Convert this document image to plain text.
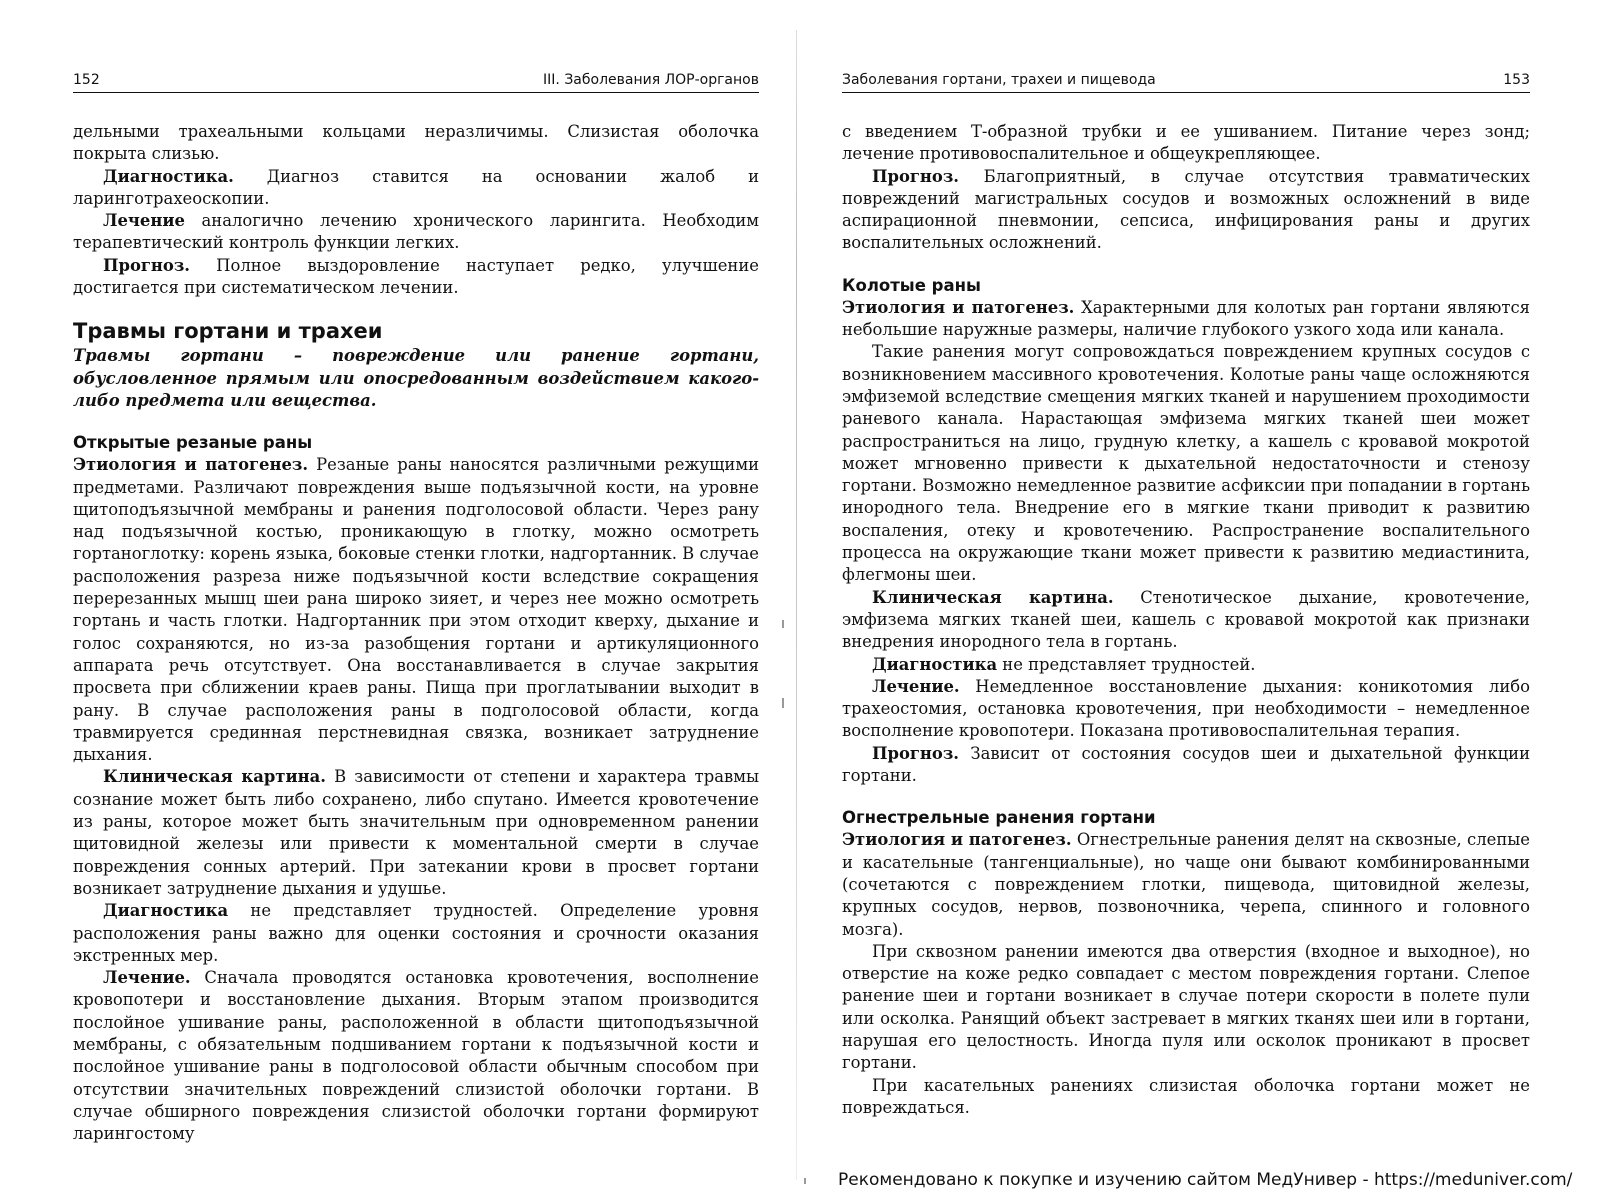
152	III. Заболевания ЛОР-органов

дельными трахеальными кольцами неразличимы. Слизистая оболочка покрыта слизью.

Диагностика. Диагноз ставится на основании жалоб и ларинготрахеоскопии.

Лечение аналогично лечению хронического ларингита. Необходим терапевтический контроль функции легких.

Прогноз. Полное выздоровление наступает редко, улучшение достигается при систематическом лечении.

Травмы гортани и трахеи

Травмы гортани – повреждение или ранение гортани, обусловленное прямым или опосредованным воздействием какого-либо предмета или вещества.

Открытые резаные раны

Этиология и патогенез. Резаные раны наносятся различными режущими предметами. Различают повреждения выше подъязычной кости, на уровне щитоподъязычной мембраны и ранения подголосовой области. Через рану над подъязычной костью, проникающую в глотку, можно осмотреть гортаноглотку: корень языка, боковые стенки глотки, надгортанник. В случае расположения разреза ниже подъязычной кости вследствие сокращения перерезанных мышц шеи рана широко зияет, и через нее можно осмотреть гортань и часть глотки. Надгортанник при этом отходит кверху, дыхание и голос сохраняются, но из-за разобщения гортани и артикуляционного аппарата речь отсутствует. Она восстанавливается в случае закрытия просвета при сближении краев раны. Пища при проглатывании выходит в рану. В случае расположения раны в подголосовой области, когда травмируется срединная перстневидная связка, возникает затруднение дыхания.

Клиническая картина. В зависимости от степени и характера травмы сознание может быть либо сохранено, либо спутано. Имеется кровотечение из раны, которое может быть значительным при одновременном ранении щитовидной железы или привести к моментальной смерти в случае повреждения сонных артерий. При затекании крови в просвет гортани возникает затруднение дыхания и удушье.

Диагностика не представляет трудностей. Определение уровня расположения раны важно для оценки состояния и срочности оказания экстренных мер.

Лечение. Сначала проводятся остановка кровотечения, восполнение кровопотери и восстановление дыхания. Вторым этапом производится послойное ушивание раны, расположенной в области щитоподъязычной мембраны, с обязательным подшиванием гортани к подъязычной кости и послойное ушивание раны в подголосовой области обычным способом при отсутствии значительных повреждений слизистой оболочки гортани. В случае обширного повреждения слизистой оболочки гортани формируют ларингостому

Заболевания гортани, трахеи и пищевода	153

с введением Т-образной трубки и ее ушиванием. Питание через зонд; лечение противовоспалительное и общеукрепляющее.

Прогноз. Благоприятный, в случае отсутствия травматических повреждений магистральных сосудов и возможных осложнений в виде аспирационной пневмонии, сепсиса, инфицирования раны и других воспалительных осложнений.

Колотые раны

Этиология и патогенез. Характерными для колотых ран гортани являются небольшие наружные размеры, наличие глубокого узкого хода или канала.

Такие ранения могут сопровождаться повреждением крупных сосудов с возникновением массивного кровотечения. Колотые раны чаще осложняются эмфиземой вследствие смещения мягких тканей и нарушением проходимости раневого канала. Нарастающая эмфизема мягких тканей шеи может распространиться на лицо, грудную клетку, а кашель с кровавой мокротой может мгновенно привести к дыхательной недостаточности и стенозу гортани. Возможно немедленное развитие асфиксии при попадании в гортань инородного тела. Внедрение его в мягкие ткани приводит к развитию воспаления, отеку и кровотечению. Распространение воспалительного процесса на окружающие ткани может привести к развитию медиастинита, флегмоны шеи.

Клиническая картина. Стенотическое дыхание, кровотечение, эмфизема мягких тканей шеи, кашель с кровавой мокротой как признаки внедрения инородного тела в гортань.

Диагностика не представляет трудностей.

Лечение. Немедленное восстановление дыхания: коникотомия либо трахеостомия, остановка кровотечения, при необходимости – немедленное восполнение кровопотери. Показана противовоспалительная терапия.

Прогноз. Зависит от состояния сосудов шеи и дыхательной функции гортани.

Огнестрельные ранения гортани

Этиология и патогенез. Огнестрельные ранения делят на сквозные, слепые и касательные (тангенциальные), но чаще они бывают комбинированными (сочетаются с повреждением глотки, пищевода, щитовидной железы, крупных сосудов, нервов, позвоночника, черепа, спинного и головного мозга).

При сквозном ранении имеются два отверстия (входное и выходное), но отверстие на коже редко совпадает с местом повреждения гортани. Слепое ранение шеи и гортани возникает в случае потери скорости в полете пули или осколка. Ранящий объект застревает в мягких тканях шеи или в гортани, нарушая его целостность. Иногда пуля или осколок проникают в просвет гортани.

При касательных ранениях слизистая оболочка гортани может не повреждаться.

Рекомендовано к покупке и изучению сайтом МедУнивер - https://meduniver.com/
